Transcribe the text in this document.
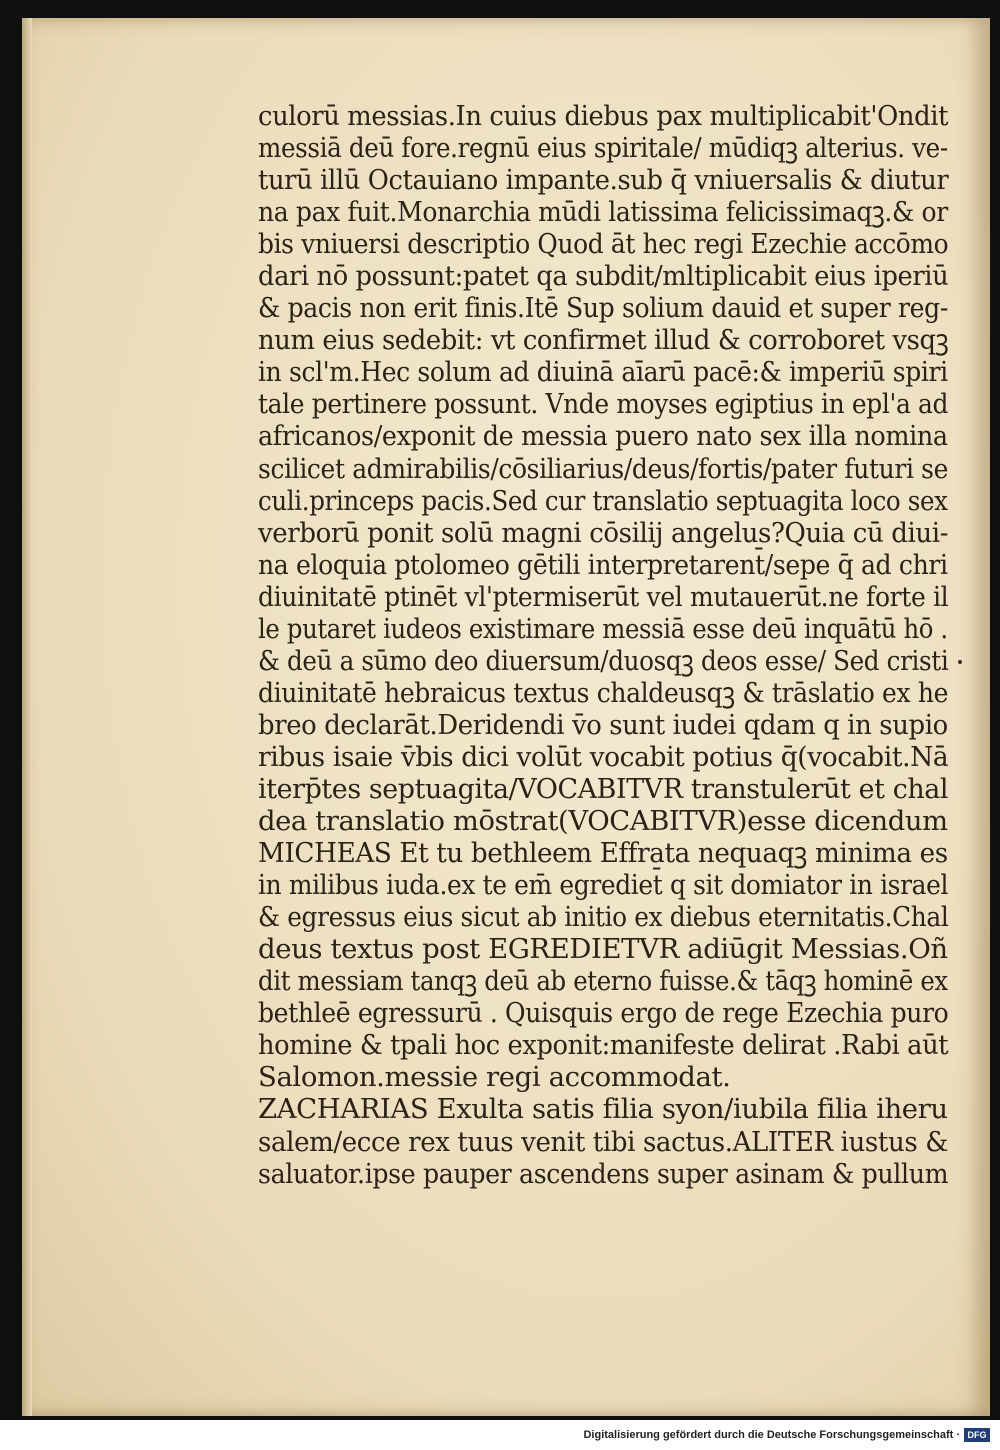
culorū messias.In cuius diebus pax multiplicabit'Ondit
messiā deū fore.regnū eius spiritale/ mūdiqꝫ alterius. ve-
turū illū Octauiano impante.sub q̄ vniuersalis & diutur
na pax fuit.Monarchia mūdi latissima felicissimaqꝫ.& or
bis vniuersi descriptio Quod āt hec regi Ezechie accōmo
dari nō possunt:patet qa subdit/mltiplicabit eius iperiū
& pacis non erit finis.Itē Sup solium dauid et super reg-
num eius sedebit: vt confirmet illud & corroboret vsqꝫ
in scl'm.Hec solum ad diuinā aīarū pacē:& imperiū spiri
tale pertinere possunt. Vnde moyses egiptius in epl'a ad
africanos/exponit de messia puero nato sex illa nomina
scilicet admirabilis/cōsiliarius/deus/fortis/pater futuri se
culi.princeps pacis.Sed cur translatio septuagita loco sex
verborū ponit solū magni cōsilij angelus?Quia cū diui-
na eloquia ptolomeo gētili interpretarent̄/sepe q̄ ad chri
diuinitatē ptinēt vl'ptermiserūt vel mutauerūt.ne forte il
le putaret iudeos existimare messiā esse deū inquātū hō .
& deū a sūmo deo diuersum/duosqꝫ deos esse/ Sed cristi
diuinitatē hebraicus textus chaldeusqꝫ & trāslatio ex he
breo declarāt.Deridendi v̄o sunt iudei qdam q in supio
ribus isaie v̄bis dici volūt vocabit potius q̄(vocabit.Nā
iterp̄tes septuagita/VOCABITVR transtulerūt et chal
dea translatio mōstrat(VOCABITVR)esse dicendum
MICHEAS Et tu bethleem Effrata nequaqꝫ minima es
in milibus iuda.ex te em̄ egrediet̄ q sit domiator in israel
& egressus eius sicut ab initio ex diebus eternitatis.Chal
deus textus post EGREDIETVR adiūgit Messias.Oñ
dit messiam tanqꝫ deū ab eterno fuisse.& tāqꝫ hominē ex
bethleē egressurū . Quisquis ergo de rege Ezechia puro
homine & tpali hoc exponit:manifeste delirat .Rabi aūt
Salomon.messie regi accommodat.
ZACHARIAS Exulta satis filia syon/iubila filia iheru
salem/ecce rex tuus venit tibi sactus.ALITER iustus &
saluator.ipse pauper ascendens super asinam & pullum
Digitalisierung gefördert durch die Deutsche Forschungsgemeinschaft · DFG
